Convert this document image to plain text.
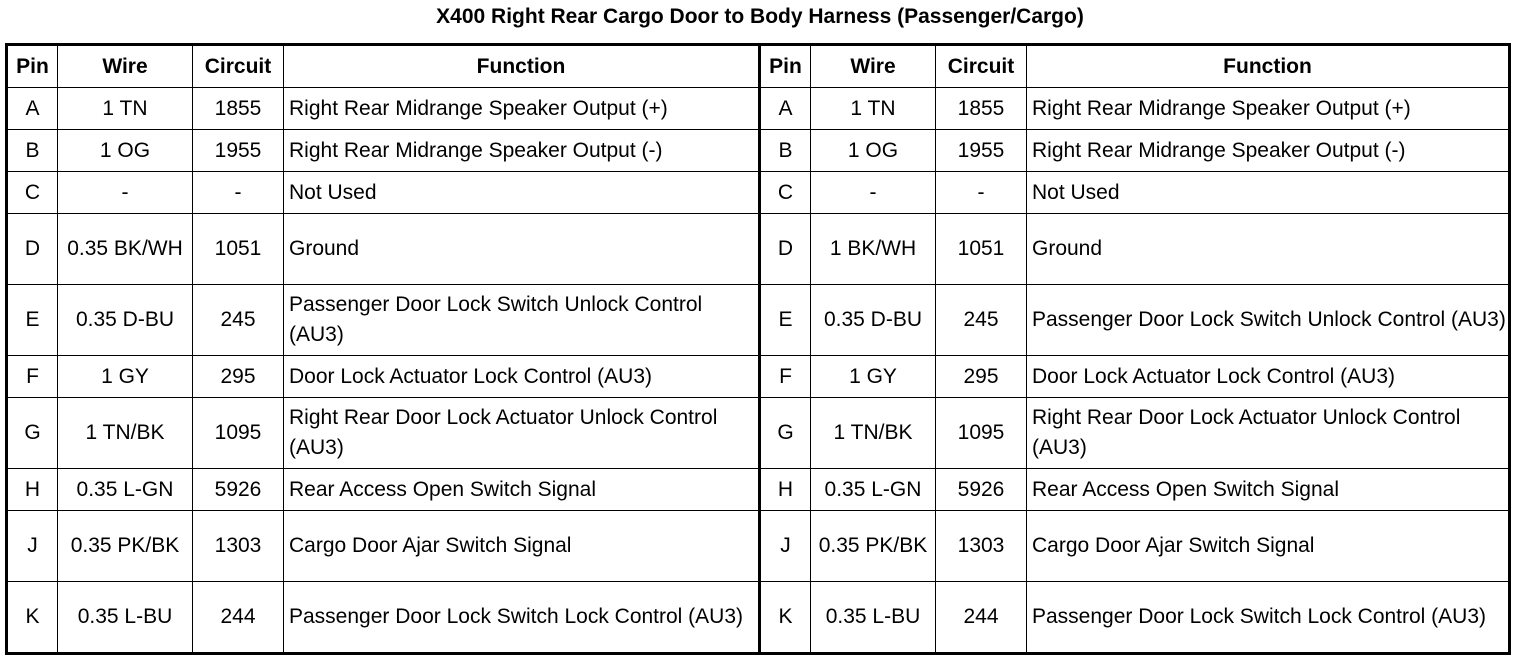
X400 Right Rear Cargo Door to Body Harness (Passenger/Cargo)
Pin	Wire	Circuit	Function	Pin	Wire	Circuit	Function
A	1 TN	1855	Right Rear Midrange Speaker Output (+)	A	1 TN	1855	Right Rear Midrange Speaker Output (+)
B	1 OG	1955	Right Rear Midrange Speaker Output (-)	B	1 OG	1955	Right Rear Midrange Speaker Output (-)
C	-	-	Not Used	C	-	-	Not Used
D	0.35 BK/WH	1051	Ground	D	1 BK/WH	1051	Ground
E	0.35 D-BU	245	Passenger Door Lock Switch Unlock Control (AU3)	E	0.35 D-BU	245	Passenger Door Lock Switch Unlock Control (AU3)
F	1 GY	295	Door Lock Actuator Lock Control (AU3)	F	1 GY	295	Door Lock Actuator Lock Control (AU3)
G	1 TN/BK	1095	Right Rear Door Lock Actuator Unlock Control (AU3)	G	1 TN/BK	1095	Right Rear Door Lock Actuator Unlock Control (AU3)
H	0.35 L-GN	5926	Rear Access Open Switch Signal	H	0.35 L-GN	5926	Rear Access Open Switch Signal
J	0.35 PK/BK	1303	Cargo Door Ajar Switch Signal	J	0.35 PK/BK	1303	Cargo Door Ajar Switch Signal
K	0.35 L-BU	244	Passenger Door Lock Switch Lock Control (AU3)	K	0.35 L-BU	244	Passenger Door Lock Switch Lock Control (AU3)
